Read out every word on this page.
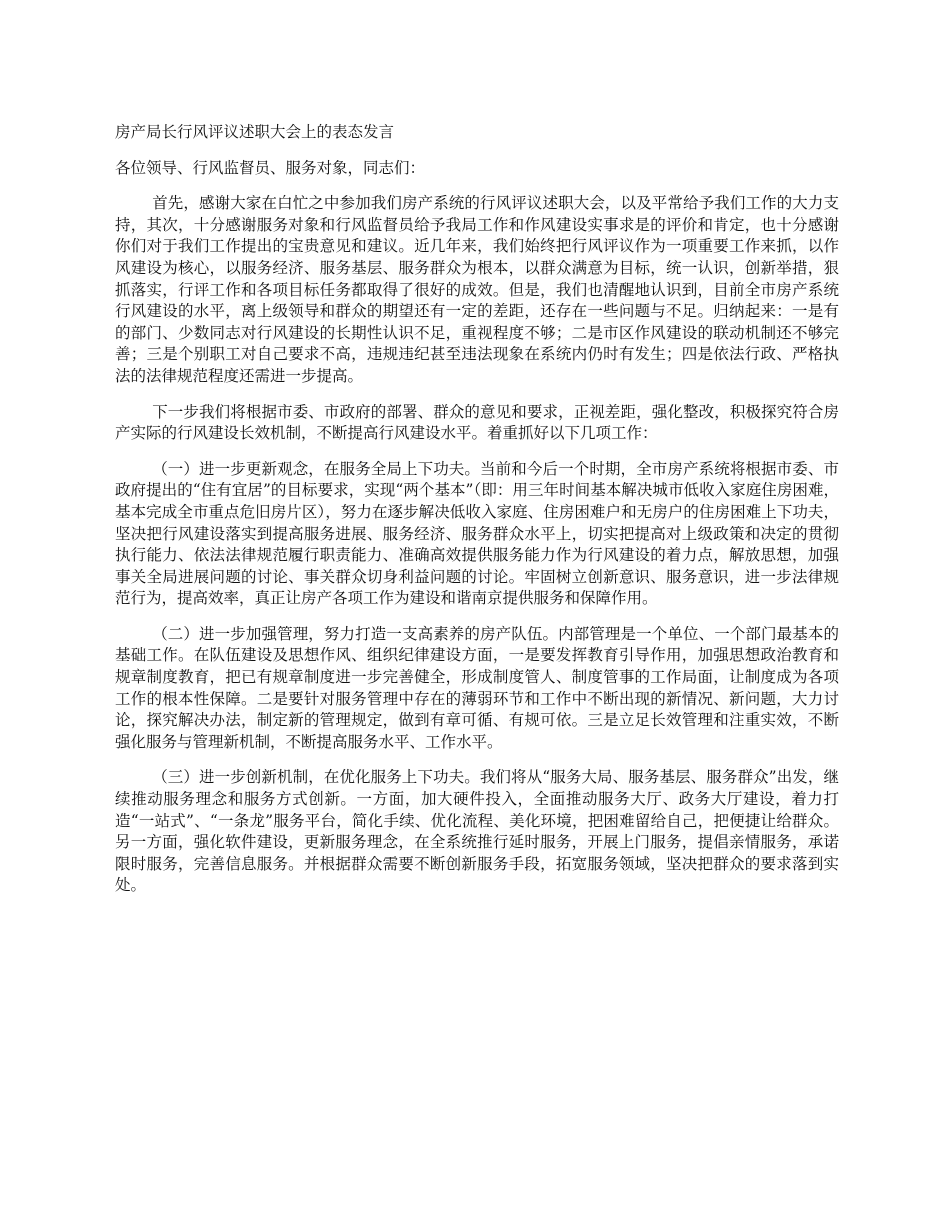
房产局长行风评议述职大会上的表态发言

各位领导、行风监督员、服务对象，同志们：

首先，感谢大家在白忙之中参加我们房产系统的行风评议述职大会，以及平常给予我们工作的大力支持，其次，十分感谢服务对象和行风监督员给予我局工作和作风建设实事求是的评价和肯定，也十分感谢你们对于我们工作提出的宝贵意见和建议。近几年来，我们始终把行风评议作为一项重要工作来抓，以作风建设为核心，以服务经济、服务基层、服务群众为根本，以群众满意为目标，统一认识，创新举措，狠抓落实，行评工作和各项目标任务都取得了很好的成效。但是，我们也清醒地认识到，目前全市房产系统行风建设的水平，离上级领导和群众的期望还有一定的差距，还存在一些问题与不足。归纳起来：一是有的部门、少数同志对行风建设的长期性认识不足，重视程度不够；二是市区作风建设的联动机制还不够完善；三是个别职工对自己要求不高，违规违纪甚至违法现象在系统内仍时有发生；四是依法行政、严格执法的法律规范程度还需进一步提高。

下一步我们将根据市委、市政府的部署、群众的意见和要求，正视差距，强化整改，积极探究符合房产实际的行风建设长效机制，不断提高行风建设水平。着重抓好以下几项工作：

（一）进一步更新观念，在服务全局上下功夫。当前和今后一个时期，全市房产系统将根据市委、市政府提出的“住有宜居”的目标要求，实现“两个基本”（即：用三年时间基本解决城市低收入家庭住房困难，基本完成全市重点危旧房片区），努力在逐步解决低收入家庭、住房困难户和无房户的住房困难上下功夫，坚决把行风建设落实到提高服务进展、服务经济、服务群众水平上，切实把提高对上级政策和决定的贯彻执行能力、依法法律规范履行职责能力、准确高效提供服务能力作为行风建设的着力点，解放思想，加强事关全局进展问题的讨论、事关群众切身利益问题的讨论。牢固树立创新意识、服务意识，进一步法律规范行为，提高效率，真正让房产各项工作为建设和谐南京提供服务和保障作用。

（二）进一步加强管理，努力打造一支高素养的房产队伍。内部管理是一个单位、一个部门最基本的基础工作。在队伍建设及思想作风、组织纪律建设方面，一是要发挥教育引导作用，加强思想政治教育和规章制度教育，把已有规章制度进一步完善健全，形成制度管人、制度管事的工作局面，让制度成为各项工作的根本性保障。二是要针对服务管理中存在的薄弱环节和工作中不断出现的新情况、新问题，大力讨论，探究解决办法，制定新的管理规定，做到有章可循、有规可依。三是立足长效管理和注重实效，不断强化服务与管理新机制，不断提高服务水平、工作水平。

（三）进一步创新机制，在优化服务上下功夫。我们将从“服务大局、服务基层、服务群众”出发，继续推动服务理念和服务方式创新。一方面，加大硬件投入，全面推动服务大厅、政务大厅建设，着力打造“一站式”、“一条龙”服务平台，简化手续、优化流程、美化环境，把困难留给自己，把便捷让给群众。另一方面，强化软件建设，更新服务理念，在全系统推行延时服务，开展上门服务，提倡亲情服务，承诺限时服务，完善信息服务。并根据群众需要不断创新服务手段，拓宽服务领域，坚决把群众的要求落到实处。
